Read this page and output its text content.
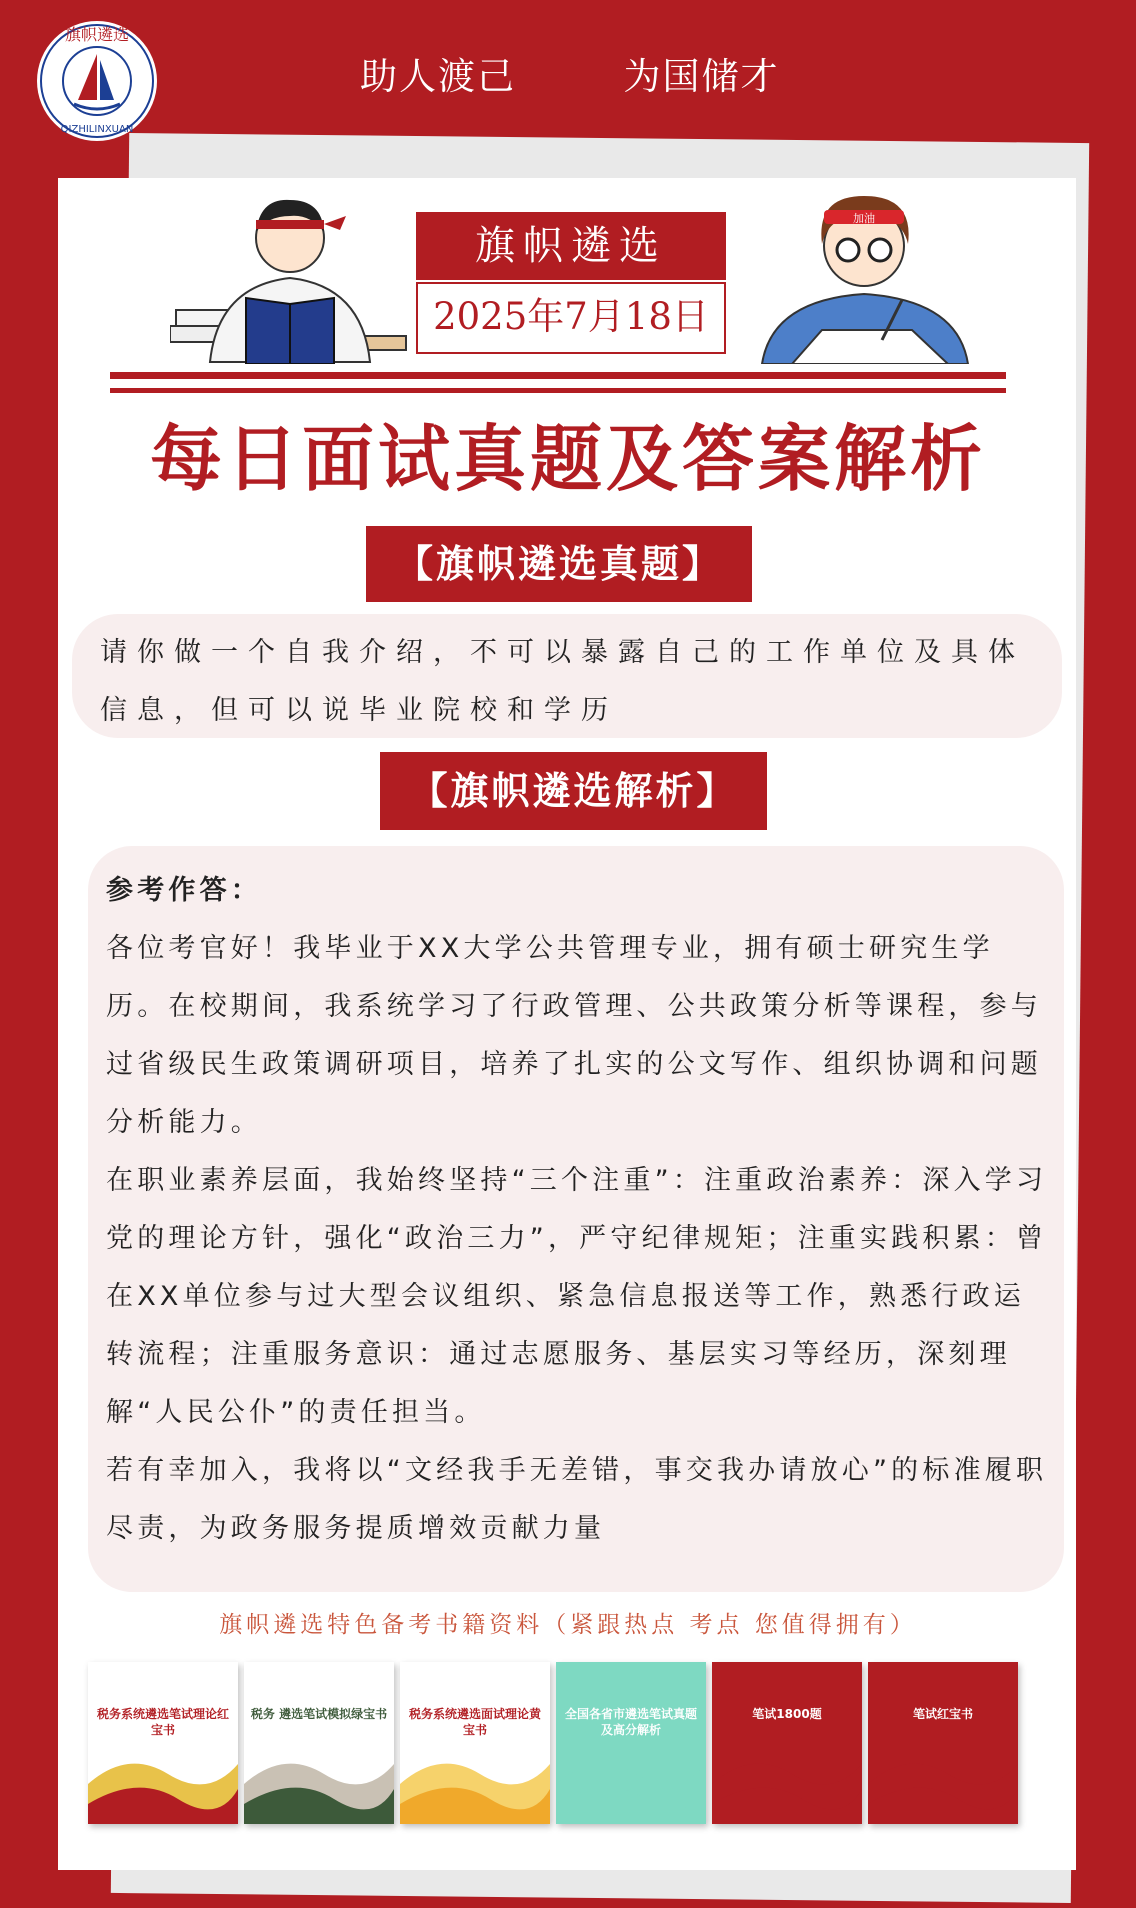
旗帜遴选
QIZHILINXUAN
助人渡己  为国储才
加油
旗帜遴选
2025年7月18日
每日面试真题及答案解析
【旗帜遴选真题】
请你做一个自我介绍，不可以暴露自己的工作单位及具体信息，但可以说毕业院校和学历
【旗帜遴选解析】

参考作答：

各位考官好！我毕业于XX大学公共管理专业，拥有硕士研究生学历。在校期间，我系统学习了行政管理、公共政策分析等课程，参与过省级民生政策调研项目，培养了扎实的公文写作、组织协调和问题分析能力。

在职业素养层面，我始终坚持“三个注重”：注重政治素养：深入学习党的理论方针，强化“政治三力”，严守纪律规矩；注重实践积累：曾在XX单位参与过大型会议组织、紧急信息报送等工作，熟悉行政运转流程；注重服务意识：通过志愿服务、基层实习等经历，深刻理解“人民公仆”的责任担当。

若有幸加入，我将以“文经我手无差错，事交我办请放心”的标准履职尽责，为政务服务提质增效贡献力量

旗帜遴选特色备考书籍资料（紧跟热点 考点 您值得拥有）
税务系统遴选笔试理论红宝书
税务 遴选笔试模拟绿宝书	税务系统遴选面试理论黄宝书
全国各省市遴选笔试真题及高分解析
笔试1800题	笔试红宝书
